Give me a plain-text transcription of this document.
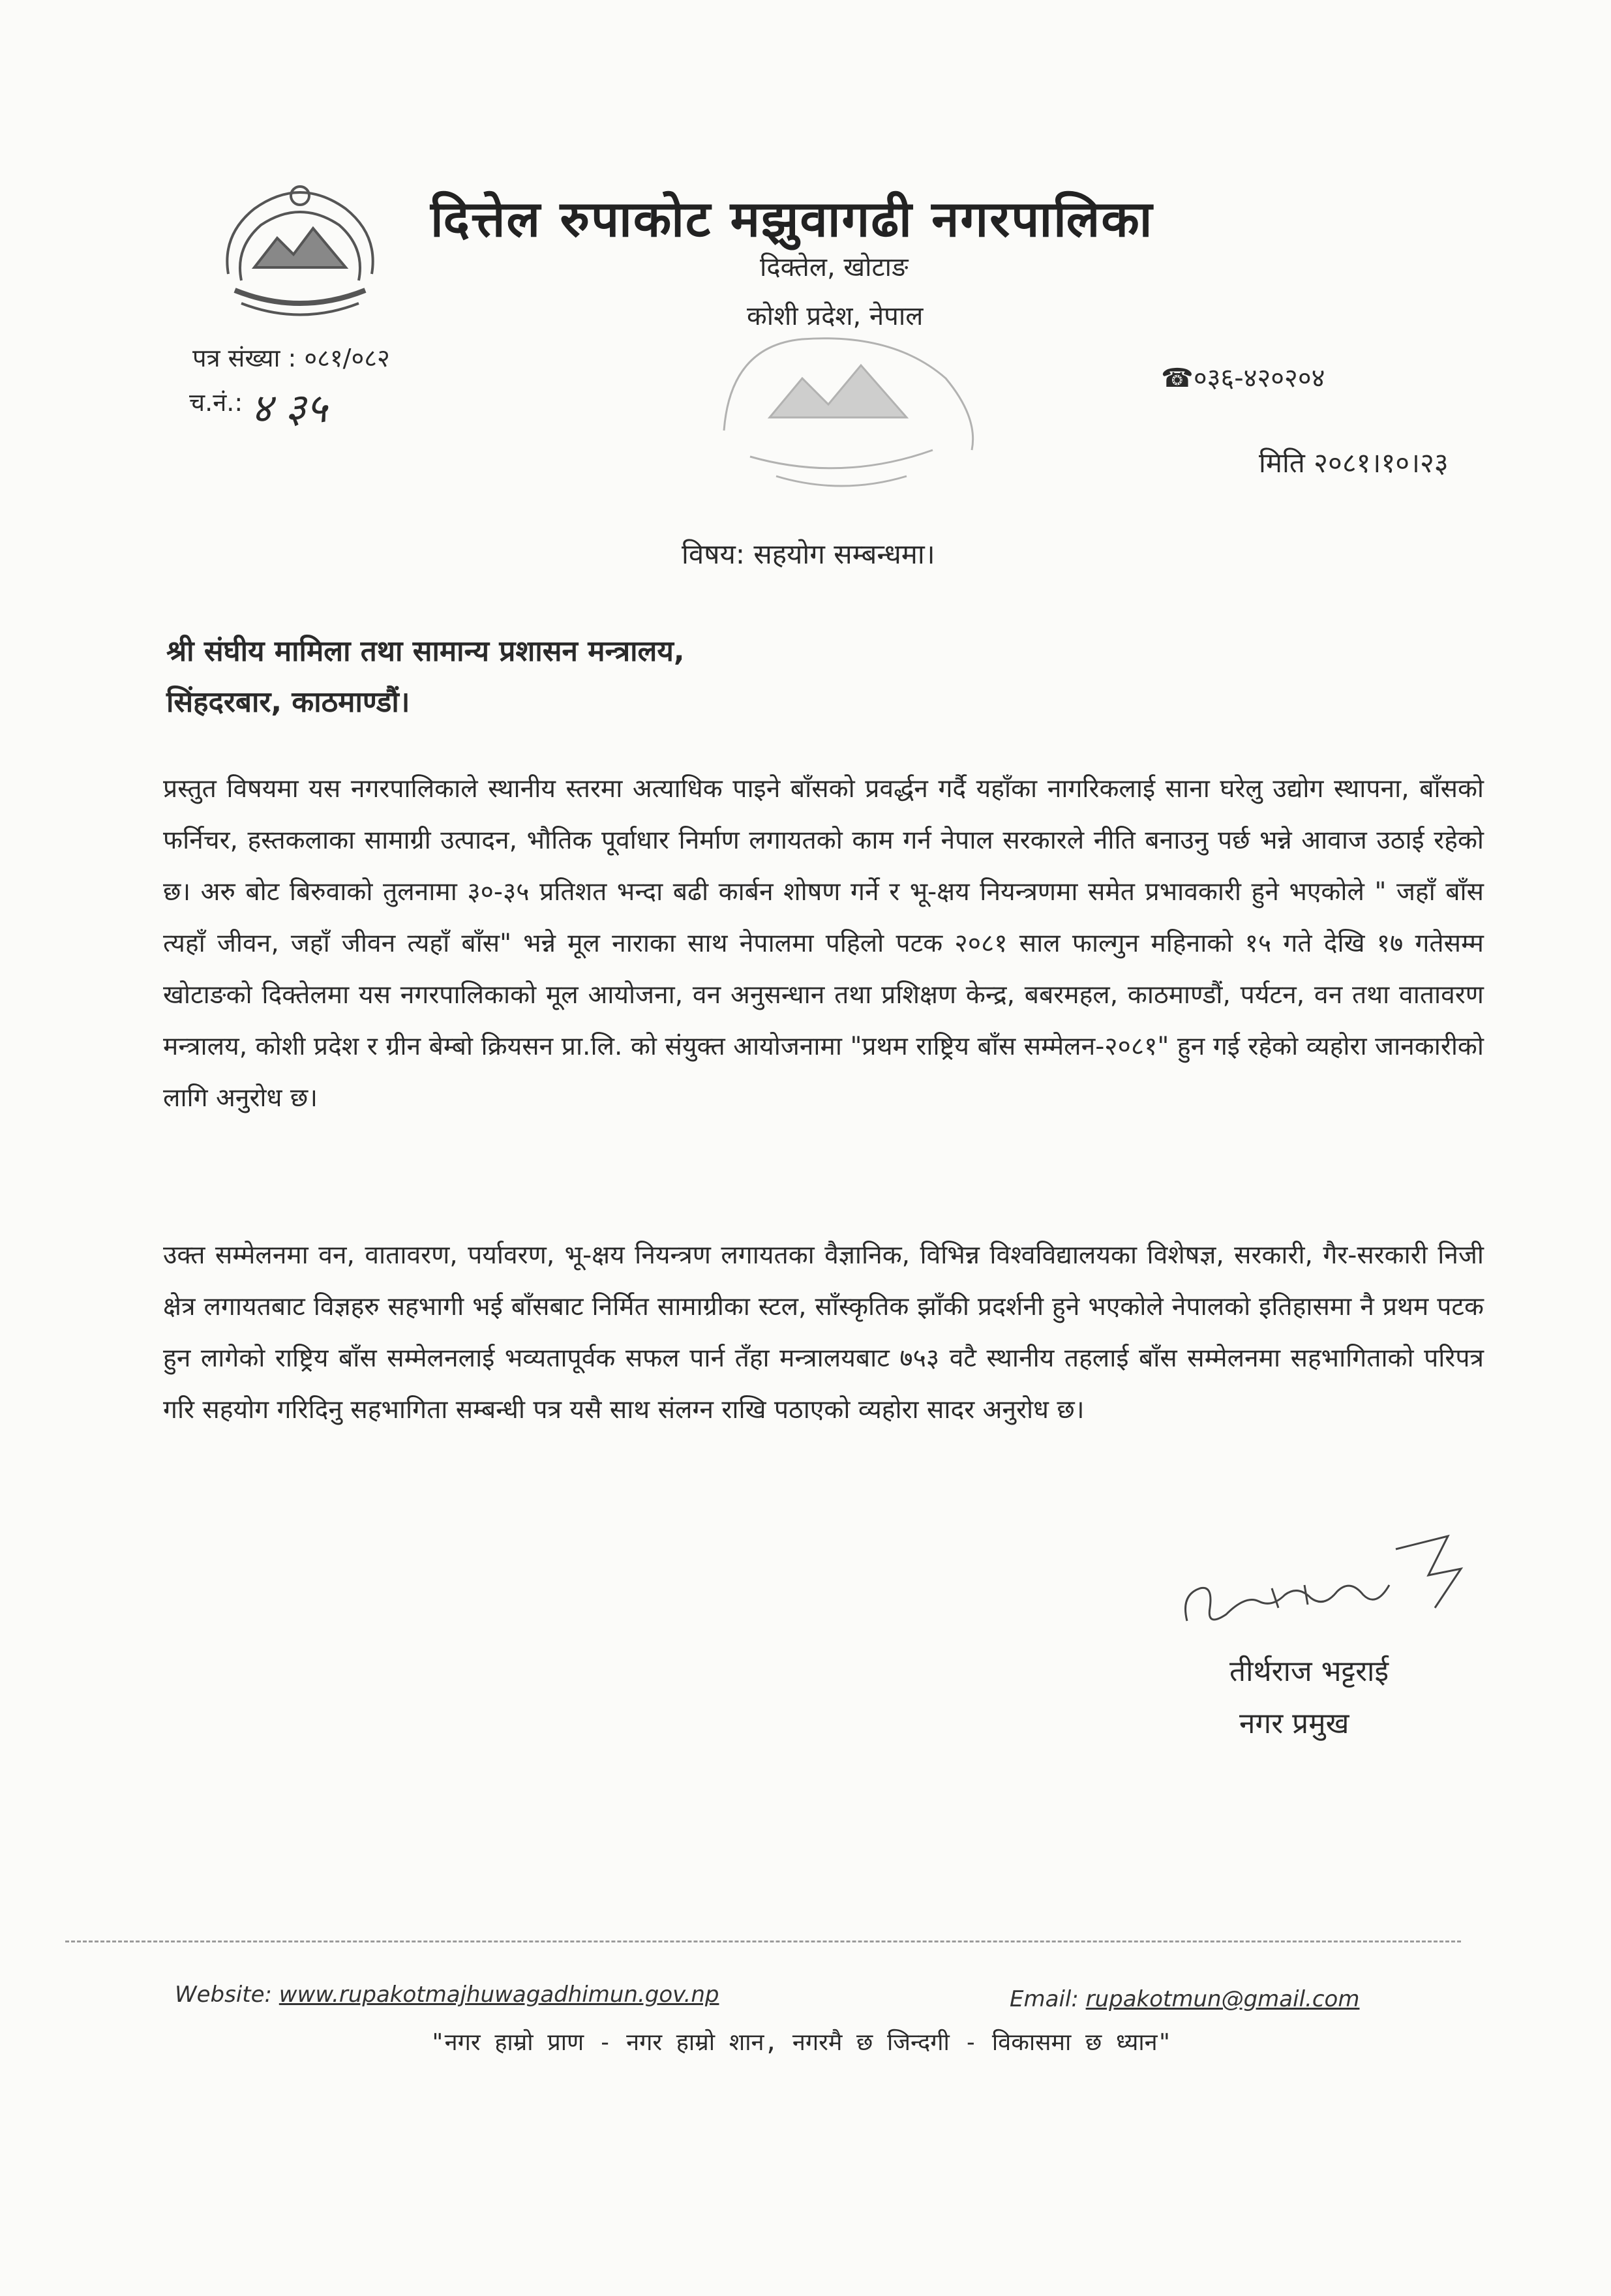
दित्तेल रुपाकोट मझुवागढी नगरपालिका
दिक्तेल, खोटाङ
कोशी प्रदेश, नेपाल
पत्र संख्या : ०८१/०८२
च.नं.: ४ ३५
☎०३६-४२०२०४
मिति २०८१।१०।२३
विषय: सहयोग सम्बन्धमा।
श्री संघीय मामिला तथा सामान्य प्रशासन मन्त्रालय,
सिंहदरबार, काठमाण्डौं।
प्रस्तुत विषयमा यस नगरपालिकाले स्थानीय स्तरमा अत्याधिक पाइने बाँसको प्रवर्द्धन गर्दै यहाँका नागरिकलाई साना घरेलु उद्योग स्थापना, बाँसको फर्निचर, हस्तकलाका सामाग्री उत्पादन, भौतिक पूर्वाधार निर्माण लगायतको काम गर्न नेपाल सरकारले नीति बनाउनु पर्छ भन्ने आवाज उठाई रहेको छ। अरु बोट बिरुवाको तुलनामा ३०-३५ प्रतिशत भन्दा बढी कार्बन शोषण गर्ने र भू-क्षय नियन्त्रणमा समेत प्रभावकारी हुने भएकोले " जहाँ बाँस त्यहाँ जीवन, जहाँ जीवन त्यहाँ बाँस" भन्ने मूल नाराका साथ नेपालमा पहिलो पटक २०८१ साल फाल्गुन महिनाको १५ गते देखि १७ गतेसम्म खोटाङको दिक्तेलमा यस नगरपालिकाको मूल आयोजना, वन अनुसन्धान तथा प्रशिक्षण केन्द्र, बबरमहल, काठमाण्डौं, पर्यटन, वन तथा वातावरण मन्त्रालय, कोशी प्रदेश र ग्रीन बेम्बो क्रियसन प्रा.लि. को संयुक्त आयोजनामा "प्रथम राष्ट्रिय बाँस सम्मेलन-२०८१" हुन गई रहेको व्यहोरा जानकारीको लागि अनुरोध छ।
उक्त सम्मेलनमा वन, वातावरण, पर्यावरण, भू-क्षय नियन्त्रण लगायतका वैज्ञानिक, विभिन्न विश्वविद्यालयका विशेषज्ञ, सरकारी, गैर-सरकारी निजी क्षेत्र लगायतबाट विज्ञहरु सहभागी भई बाँसबाट निर्मित सामाग्रीका स्टल, साँस्कृतिक झाँकी प्रदर्शनी हुने भएकोले नेपालको इतिहासमा नै प्रथम पटक हुन लागेको राष्ट्रिय बाँस सम्मेलनलाई भव्यतापूर्वक सफल पार्न तँहा मन्त्रालयबाट ७५३ वटै स्थानीय तहलाई बाँस सम्मेलनमा सहभागिताको परिपत्र गरि सहयोग गरिदिनु सहभागिता सम्बन्धी पत्र यसै साथ संलग्न राखि पठाएको व्यहोरा सादर अनुरोध छ।
तीर्थराज भट्टराई
नगर प्रमुख
Website: www.rupakotmajhuwagadhimun.gov.np	Email: rupakotmun@gmail.com
"नगर हाम्रो प्राण - नगर हाम्रो शान, नगरमै छ जिन्दगी - विकासमा छ ध्यान"
